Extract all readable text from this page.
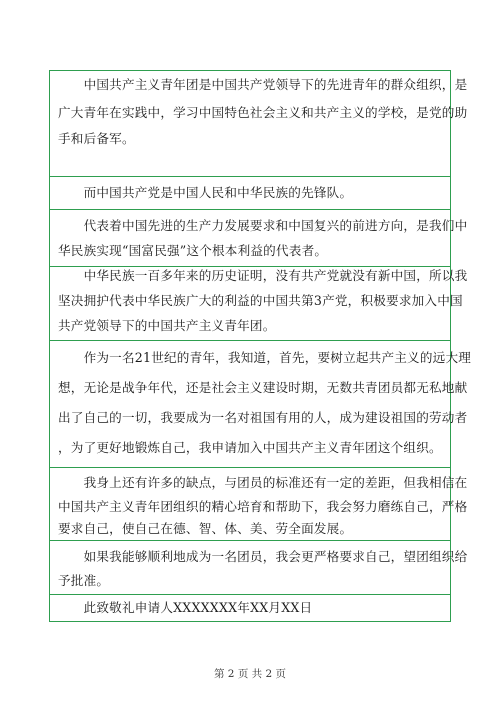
　　中国共产主义青年团是中国共产党领导下的先进青年的群众组织，是
广大青年在实践中，学习中国特色社会主义和共产主义的学校，是党的助
手和后备军。
　　而中国共产党是中国人民和中华民族的先锋队。
　　代表着中国先进的生产力发展要求和中国复兴的前进方向，是我们中
华民族实现“国富民强”这个根本利益的代表者。
　　中华民族一百多年来的历史证明，没有共产党就没有新中国，所以我
坚决拥护代表中华民族广大的利益的中国共第3产党，积极要求加入中国
共产党领导下的中国共产主义青年团。
　　作为一名21世纪的青年，我知道，首先，要树立起共产主义的远大理
想，无论是战争年代，还是社会主义建设时期，无数共青团员都无私地献
出了自己的一切，我要成为一名对祖国有用的人，成为建设祖国的劳动者
，为了更好地锻炼自己，我申请加入中国共产主义青年团这个组织。
　　我身上还有许多的缺点，与团员的标准还有一定的差距，但我相信在
中国共产主义青年团组织的精心培育和帮助下，我会努力磨练自己，严格
要求自己，使自己在德、智、体、美、劳全面发展。
　　如果我能够顺利地成为一名团员，我会更严格要求自己，望团组织给
予批准。
　　此致敬礼申请人XXXXXXX年XX月XX日
第 2 页 共 2 页
